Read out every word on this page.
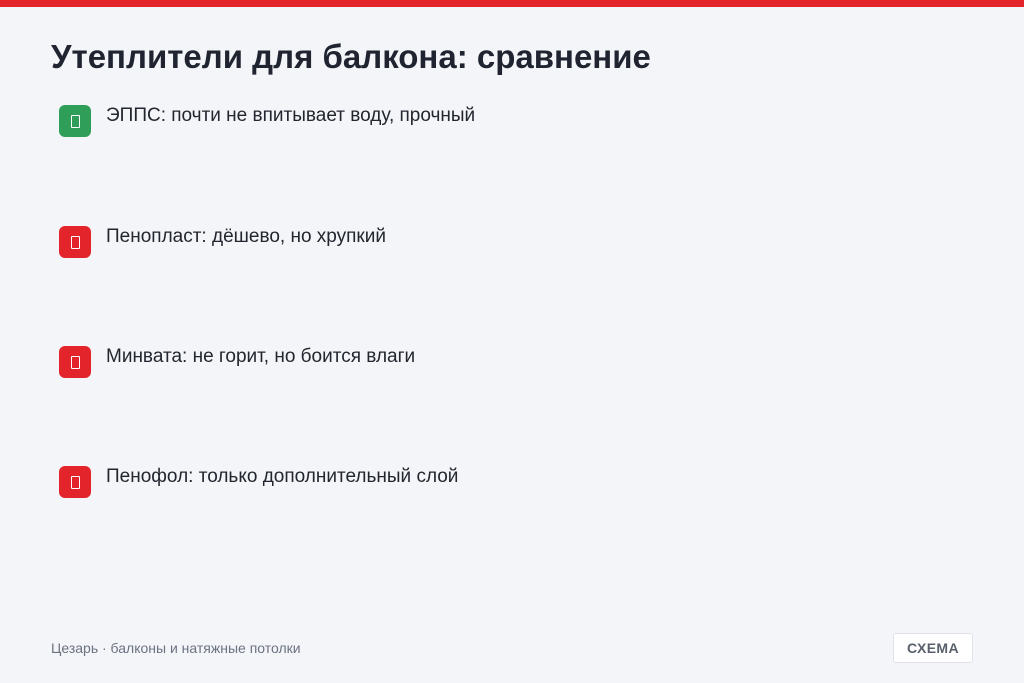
Утеплители для балкона: сравнение
ЭППС: почти не впитывает воду, прочный
Пенопласт: дёшево, но хрупкий
Минвата: не горит, но боится влаги
Пенофол: только дополнительный слой
Цезарь · балконы и натяжные потолки	СХЕМА
